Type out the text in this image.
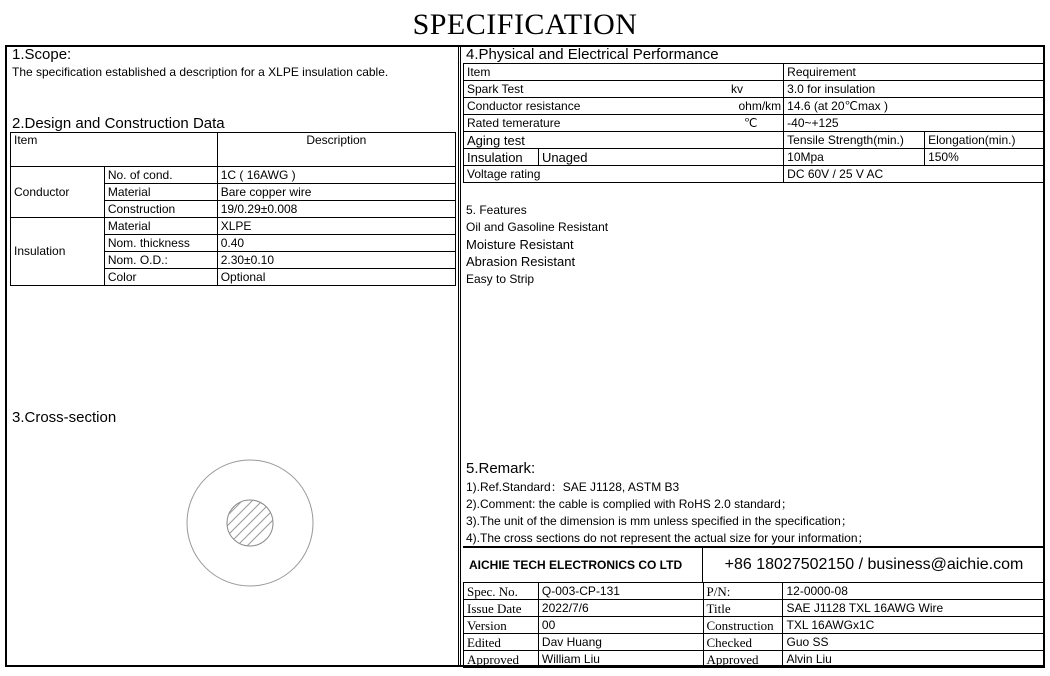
SPECIFICATION
1.Scope:
The specification established a description for a XLPE insulation cable.
2.Design and Construction Data
Item		Description
Conductor	No. of cond.	1C ( 16AWG )
	Material	Bare copper wire
	Construction	19/0.29±0.008
Insulation	Material	XLPE
	Nom. thickness	0.40
	Nom. O.D.:	2.30±0.10
	Color	Optional
3.Cross-section
4.Physical and Electrical Performance
Item		Requirement	
Spark Test kv		3.0 for insulation	
Conductor resistance ohm/km		14.6 (at 20℃max )	
Rated temerature ℃		-40~+125	
Aging test		Tensile Strength(min.)	Elongation(min.)
Insulation	Unaged	10Mpa	150%
Voltage rating		DC 60V / 25 V AC	
5. Features
Oil and Gasoline Resistant
Moisture Resistant
Abrasion Resistant
Easy to Strip
5.Remark:
1).Ref.Standard：SAE J1128, ASTM B3
2).Comment: the cable is complied with RoHS 2.0 standard；
3).The unit of the dimension is mm unless specified in the specification；
4).The cross sections do not represent the actual size for your information；
AICHIE TECH ELECTRONICS CO LTD	+86 18027502150 / business@aichie.com
Spec. No.	Q-003-CP-131	P/N:	12-0000-08
Issue Date	2022/7/6	Title	SAE J1128 TXL 16AWG Wire
Version	00	Construction	TXL 16AWGx1C
Edited	Dav Huang	Checked	Guo SS
Approved	William Liu	Approved	Alvin Liu
